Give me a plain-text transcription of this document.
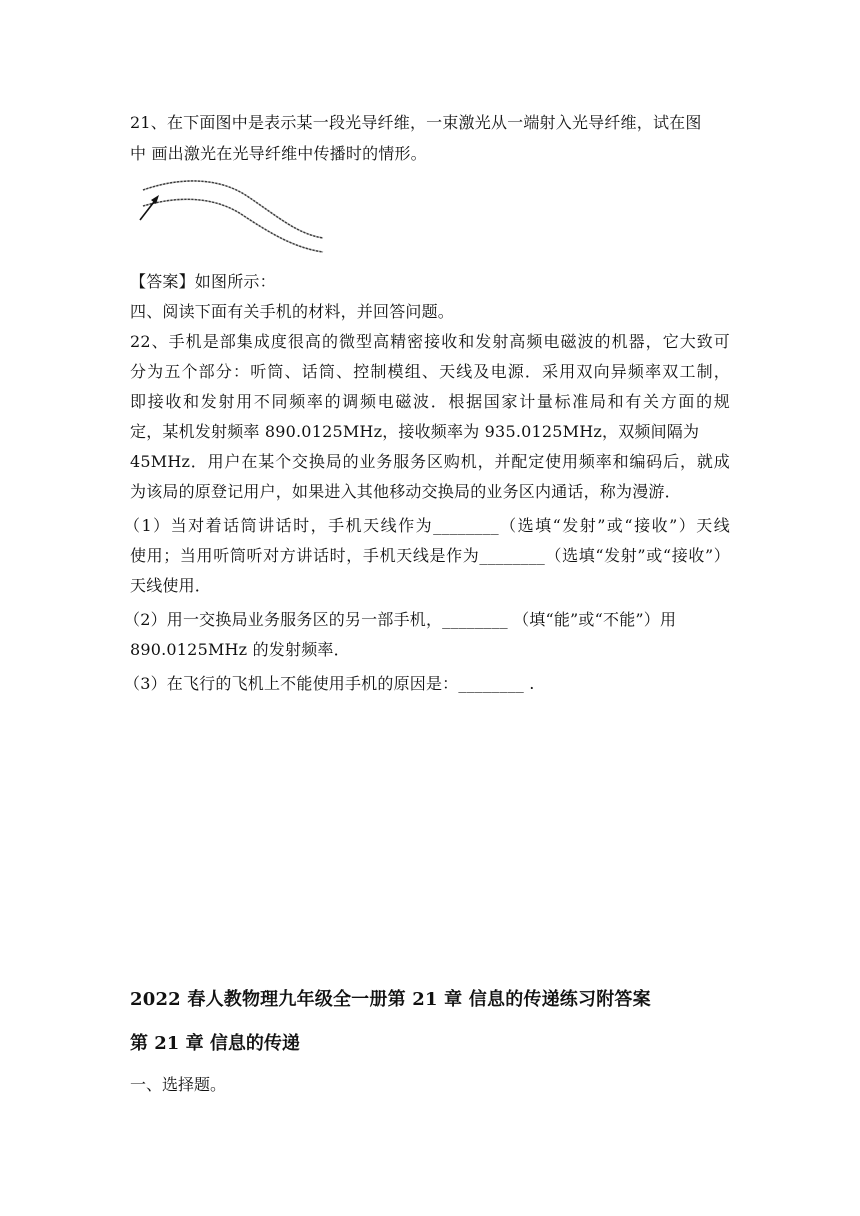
21、在下面图中是表示某一段光导纤维，一束激光从一端射入光导纤维，试在图
中 画出激光在光导纤维中传播时的情形。
【答案】如图所示：
四、阅读下面有关手机的材料，并回答问题。
22、手机是部集成度很高的微型高精密接收和发射高频电磁波的机器，它大致可
分为五个部分：听筒、话筒、控制模组、天线及电源．采用双向异频率双工制，
即接收和发射用不同频率的调频电磁波．根据国家计量标准局和有关方面的规
定，某机发射频率 890.0125MHz，接收频率为 935.0125MHz，双频间隔为
45MHz．用户在某个交换局的业务服务区购机，并配定使用频率和编码后，就成
为该局的原登记用户，如果进入其他移动交换局的业务区内通话，称为漫游．
（1）当对着话筒讲话时，手机天线作为________（选填“发射”或“接收”）天线
使用；当用听筒听对方讲话时，手机天线是作为________（选填“发射”或“接收”）
天线使用．
（2）用一交换局业务服务区的另一部手机，________ （填“能”或“不能”）用
890.0125MHz 的发射频率．
（3）在飞行的飞机上不能使用手机的原因是：________ .
2022 春人教物理九年级全一册第 21 章 信息的传递练习附答案
第 21 章 信息的传递
一、选择题。
